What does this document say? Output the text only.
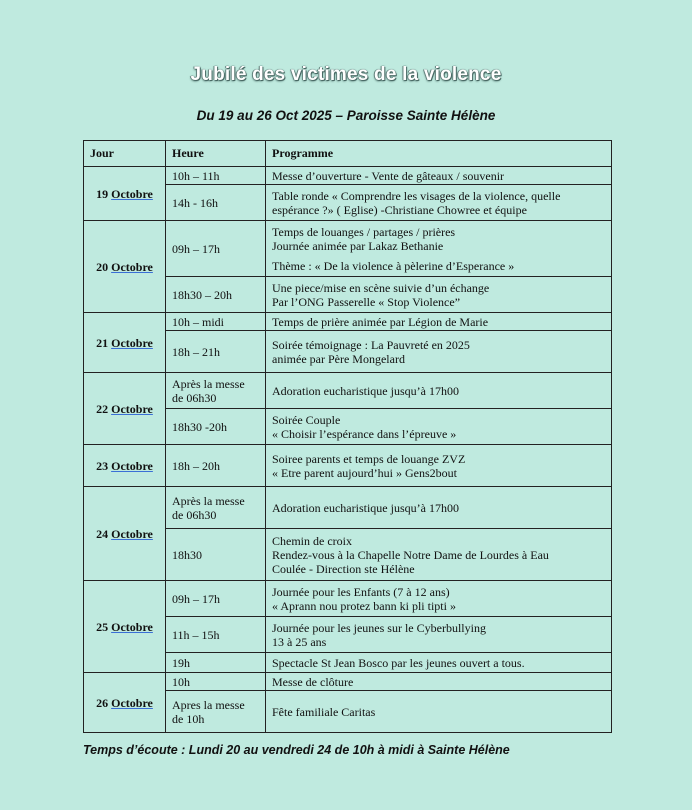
Jubilé des victimes de la violence
Du 19 au 26 Oct 2025 – Paroisse Sainte Hélène
Jour	Heure	Programme
19 Octobre	10h – 11h	Messe d’ouverture - Vente de gâteaux / souvenir

	14h - 16h	Table ronde « Comprendre les visages de la violence, quelle
espérance ?» ( Eglise) -Christiane Chowree et équipe

20 Octobre	09h – 17h	Temps de louanges / partages / prières
Journée animée par Lakaz Bethanie
Thème : « De la violence à pèlerine d’Esperance »

	18h30 – 20h	Une piece/mise en scène suivie d’un échange
Par l’ONG Passerelle « Stop Violence”

21 Octobre	10h – midi	Temps de prière animée par Légion de Marie

	18h – 21h	Soirée témoignage : La Pauvreté en 2025
animée par Père Mongelard

22 Octobre	Après la messe
de 06h30	Adoration eucharistique jusqu’à 17h00

	18h30 -20h	Soirée Couple
« Choisir l’espérance dans l’épreuve »

23 Octobre	18h – 20h	Soiree parents et temps de louange ZVZ
« Etre parent aujourd’hui » Gens2bout

24 Octobre	Après la messe
de 06h30	Adoration eucharistique jusqu’à 17h00

	18h30	Chemin de croix
Rendez-vous à la Chapelle Notre Dame de Lourdes à Eau
Coulée - Direction ste Hélène

25 Octobre	09h – 17h	Journée pour les Enfants (7 à 12 ans)
« Aprann nou protez bann ki pli tipti »

	11h – 15h	Journée pour les jeunes sur le Cyberbullying
13 à 25 ans

	19h	Spectacle St Jean Bosco par les jeunes ouvert a tous.

26 Octobre	10h	Messe de clôture

	Apres la messe
de 10h	Fête familiale Caritas
Temps d’écoute : Lundi 20 au vendredi 24 de 10h à midi à Sainte Hélène
